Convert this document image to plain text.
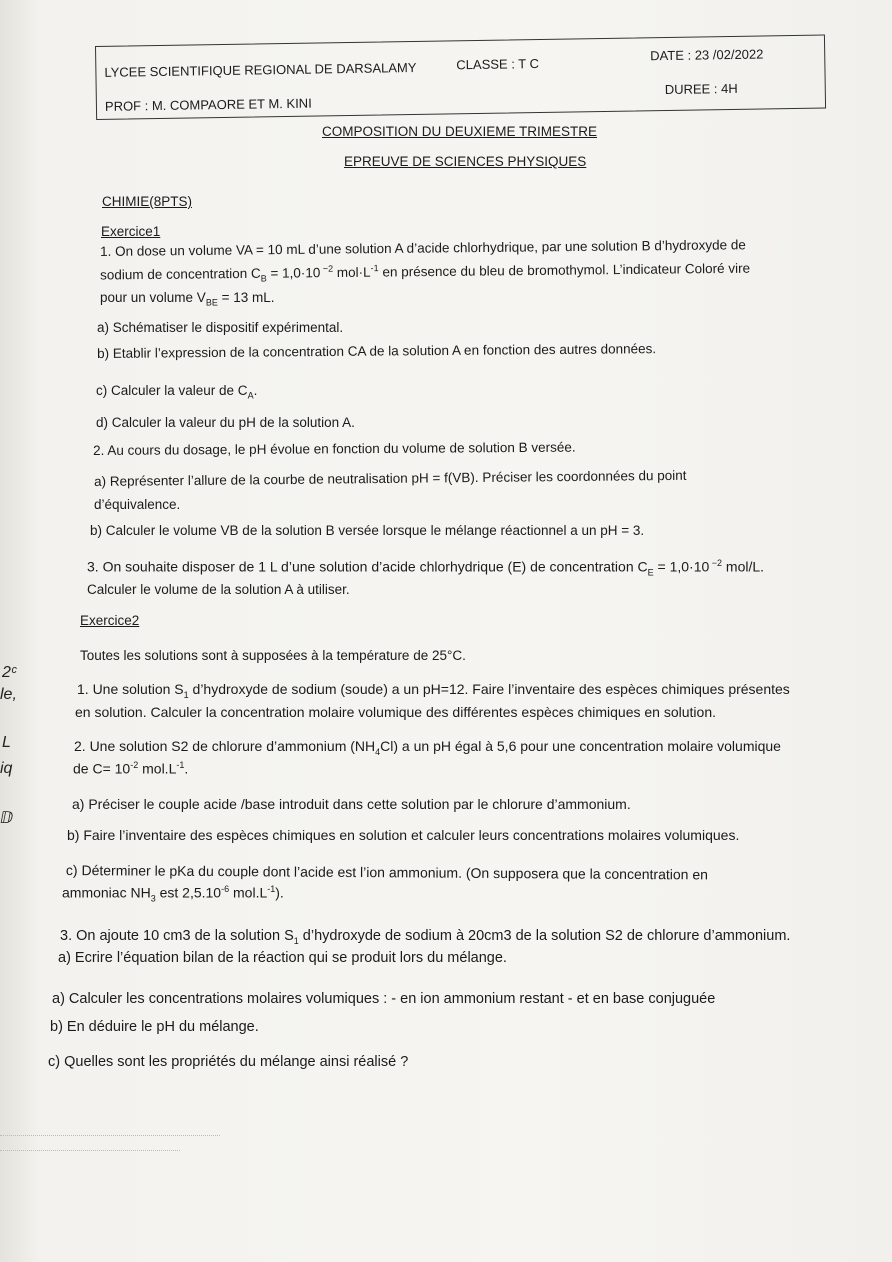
LYCEE SCIENTIFIQUE REGIONAL DE DARSALAMY	CLASSE : T C
DATE : 23 /02/2022
PROF : M. COMPAORE ET M. KINI
DUREE : 4H
COMPOSITION DU DEUXIEME TRIMESTRE
EPREUVE DE SCIENCES PHYSIQUES
CHIMIE(8PTS)
Exercice1
1. On dose un volume VA = 10 mL d’une solution A d’acide chlorhydrique, par une solution B d’hydroxyde de
sodium de concentration $C_B = 1,0\cdot 10$ $^{-2}$ $mol\cdot L^{-1}$ en présence du bleu de bromothymol. L’indicateur Coloré vire
pour un volume $V_{BE} = 13$ mL.
a) Schématiser le dispositif expérimental.
b) Etablir l’expression de la concentration CA de la solution A en fonction des autres données.
c) Calculer la valeur de $C_A$.
d) Calculer la valeur du pH de la solution A.
2. Au cours du dosage, le pH évolue en fonction du volume de solution B versée.
a) Représenter l’allure de la courbe de neutralisation pH = f(VB). Préciser les coordonnées du point
d’équivalence.
b) Calculer le volume VB de la solution B versée lorsque le mélange réactionnel a un pH = 3.
3. On souhaite disposer de 1 L d’une solution d’acide chlorhydrique (E) de concentration $C_E = 1,0\cdot 10$ $^{-2}$ mol/L.
Calculer le volume de la solution A à utiliser.
Exercice2
Toutes les solutions sont à supposées à la température de 25°C.
1. Une solution $S_1$ d’hydroxyde de sodium (soude) a un pH=12. Faire l’inventaire des espèces chimiques présentes
en solution. Calculer la concentration molaire volumique des différentes espèces chimiques en solution.
2. Une solution S2 de chlorure d’ammonium $(NH_4Cl)$ a un pH égal à 5,6 pour une concentration molaire volumique
de $C= 10^{-2}$ $mol.L^{-1}$.
a) Préciser le couple acide /base introduit dans cette solution par le chlorure d’ammonium.
b) Faire l’inventaire des espèces chimiques en solution et calculer leurs concentrations molaires volumiques.
c) Déterminer le pKa du couple dont l’acide est l’ion ammonium. (On supposera que la concentration en
ammoniac $NH_3$ est $2,5.10^{-6}$ $mol.L^{-1}$).
3. On ajoute 10 cm3 de la solution $S_1$ d’hydroxyde de sodium à 20cm3 de la solution S2 de chlorure d’ammonium.
a) Ecrire l’équation bilan de la réaction qui se produit lors du mélange.
a) Calculer les concentrations molaires volumiques : - en ion ammonium restant - et en base conjuguée
b) En déduire le pH du mélange.
c) Quelles sont les propriétés du mélange ainsi réalisé ?
2ᶜ
le,
L
iq
ⅅ
